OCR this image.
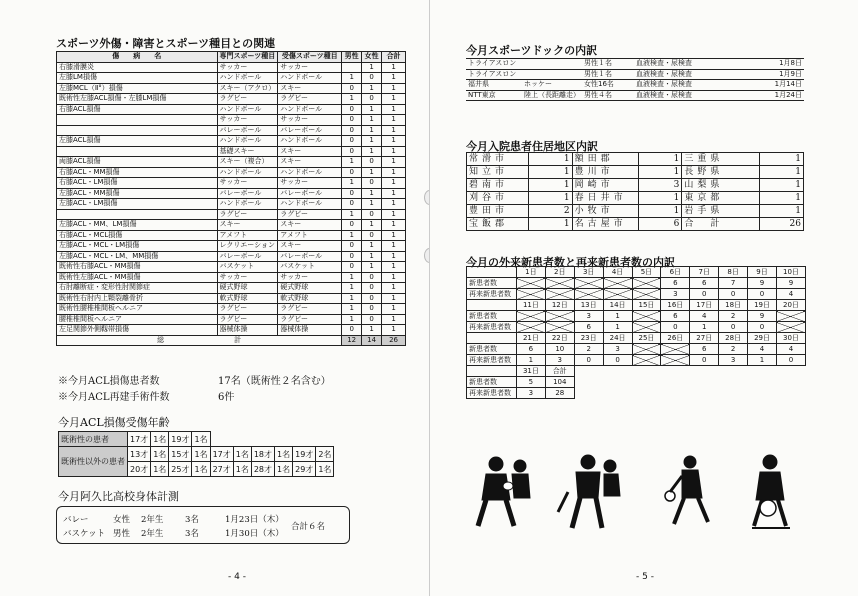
スポーツ外傷・障害とスポーツ種目との関連
傷　　病　　名	専門スポーツ種目	受傷スポーツ種目	男性	女性	合計
右膝滑膜炎	サッカー	サッカー		1	1
左膝LM損傷	ハンドボール	ハンドボール	1	0	1
左膝MCL（Ⅱ°）損傷	スキー（アクロ）	スキー	0	1	1
既術性左膝ACL損傷・左膝LM損傷	ラグビー	ラグビー	1	0	1
右膝ACL損傷	ハンドボール	ハンドボール	0	1	1
	サッカー	サッカー	0	1	1
	バレーボール	バレーボール	0	1	1
左膝ACL損傷	ハンドボール	ハンドボール	0	1	1
	基礎スキー	スキー	0	1	1
両膝ACL損傷	スキー（複合）	スキー	1	0	1
右膝ACL・MM損傷	ハンドボール	ハンドボール	0	1	1
右膝ACL・LM損傷	サッカー	サッカー	1	0	1
左膝ACL・MM損傷	バレーボール	バレーボール	0	1	1
左膝ACL・LM損傷	ハンドボール	ハンドボール	0	1	1
	ラグビー	ラグビー	1	0	1
左膝ACL・MM、LM損傷	スキー	スキー	0	1	1
右膝ACL・MCL損傷	アメフト	アメフト	1	0	1
左膝ACL・MCL・LM損傷	レクリエーション	スキー	0	1	1
左膝ACL・MCL・LM、MM損傷	バレーボール	バレーボール	0	1	1
既術性右膝ACL・MM損傷	バスケット	バスケット	0	1	1
既術性左膝ACL・MM損傷	サッカー	サッカー	1	0	1
右肘離断症・変形性肘関節症	硬式野球	硬式野球	1	0	1
既術性右肘内上顆裂離骨折	軟式野球	軟式野球	1	0	1
既術性腰椎椎間板ヘルニア	ラグビー	ラグビー	1	0	1
腰椎椎間板ヘルニア	ラグビー	ラグビー	1	0	1
左足関節外側靱帯損傷	器械体操	器械体操	0	1	1
総　　　　　　　　　　計			12	14	26
※今月ACL損傷患者数	17名（既術性２名含む）
※今月ACL再建手術件数	6件
今月ACL損傷受傷年齢
既術性の患者	17才	1名	19才	1名						
既術性以外の患者	13才	1名	15才	1名	17才	1名	18才	1名	19才	2名
	20才	1名	25才	1名	27才	1名	28才	1名	29才	1名
今月阿久比高校身体計測
バレー	女性 2年生	3名	1月23日（木）
バスケット 男性 2年生	3名	1月30日（木）
合計６名
- 4 -
今月スポーツドックの内訳
トライアスロン		男性１名	血液検査・尿検査	1月8日
トライアスロン		男性１名	血液検査・尿検査	1月9日
福井県	ホッケー	女性16名	血液検査・尿検査	1月14日
NTT東京	陸上（長距離走）	男性４名	血液検査・尿検査	1月24日
今月入院患者住居地区内訳
常滑市	1	額田郡	1	三重県	1
知立市	1	豊川市	1	長野県	1
碧南市	1	岡崎市	3	山梨県	1
刈谷市	1	春日井市	1	東京都	1
豊田市	2	小牧市	1	岩手県	1
宝飯郡	1	名古屋市	6	合　計	26
今月の外来新患者数と再来新患者数の内訳
	1日	2日	3日	4日	5日	6日	7日	8日	9日	10日
新患者数						6	6	7	9	9
再来新患者数						3	0	0	0	4
	11日	12日	13日	14日	15日	16日	17日	18日	19日	20日
新患者数			3	1		6	4	2	9	
再来新患者数			6	1		0	1	0	0	
	21日	22日	23日	24日	25日	26日	27日	28日	29日	30日
新患者数	6	10	2	3			6	2	4	4
再来新患者数	1	3	0	0			0	3	1	0
	31日	合計								
新患者数	5	104								
再来新患者数	3	28								
- 5 -
